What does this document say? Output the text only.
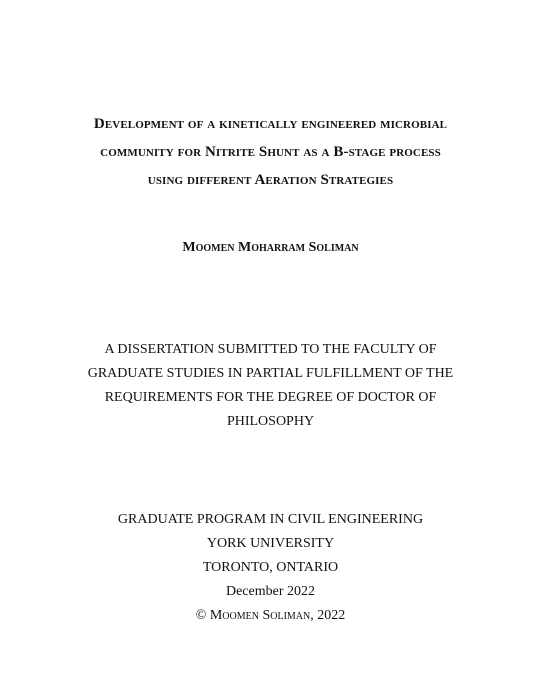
Development of a kinetically engineered microbial
community for Nitrite Shunt as a B-stage process
using different Aeration Strategies
Moomen Moharram Soliman
A DISSERTATION SUBMITTED TO THE FACULTY OF
GRADUATE STUDIES IN PARTIAL FULFILLMENT OF THE
REQUIREMENTS FOR THE DEGREE OF DOCTOR OF
PHILOSOPHY
GRADUATE PROGRAM IN CIVIL ENGINEERING
YORK UNIVERSITY
TORONTO, ONTARIO
December 2022
© Moomen Soliman, 2022
